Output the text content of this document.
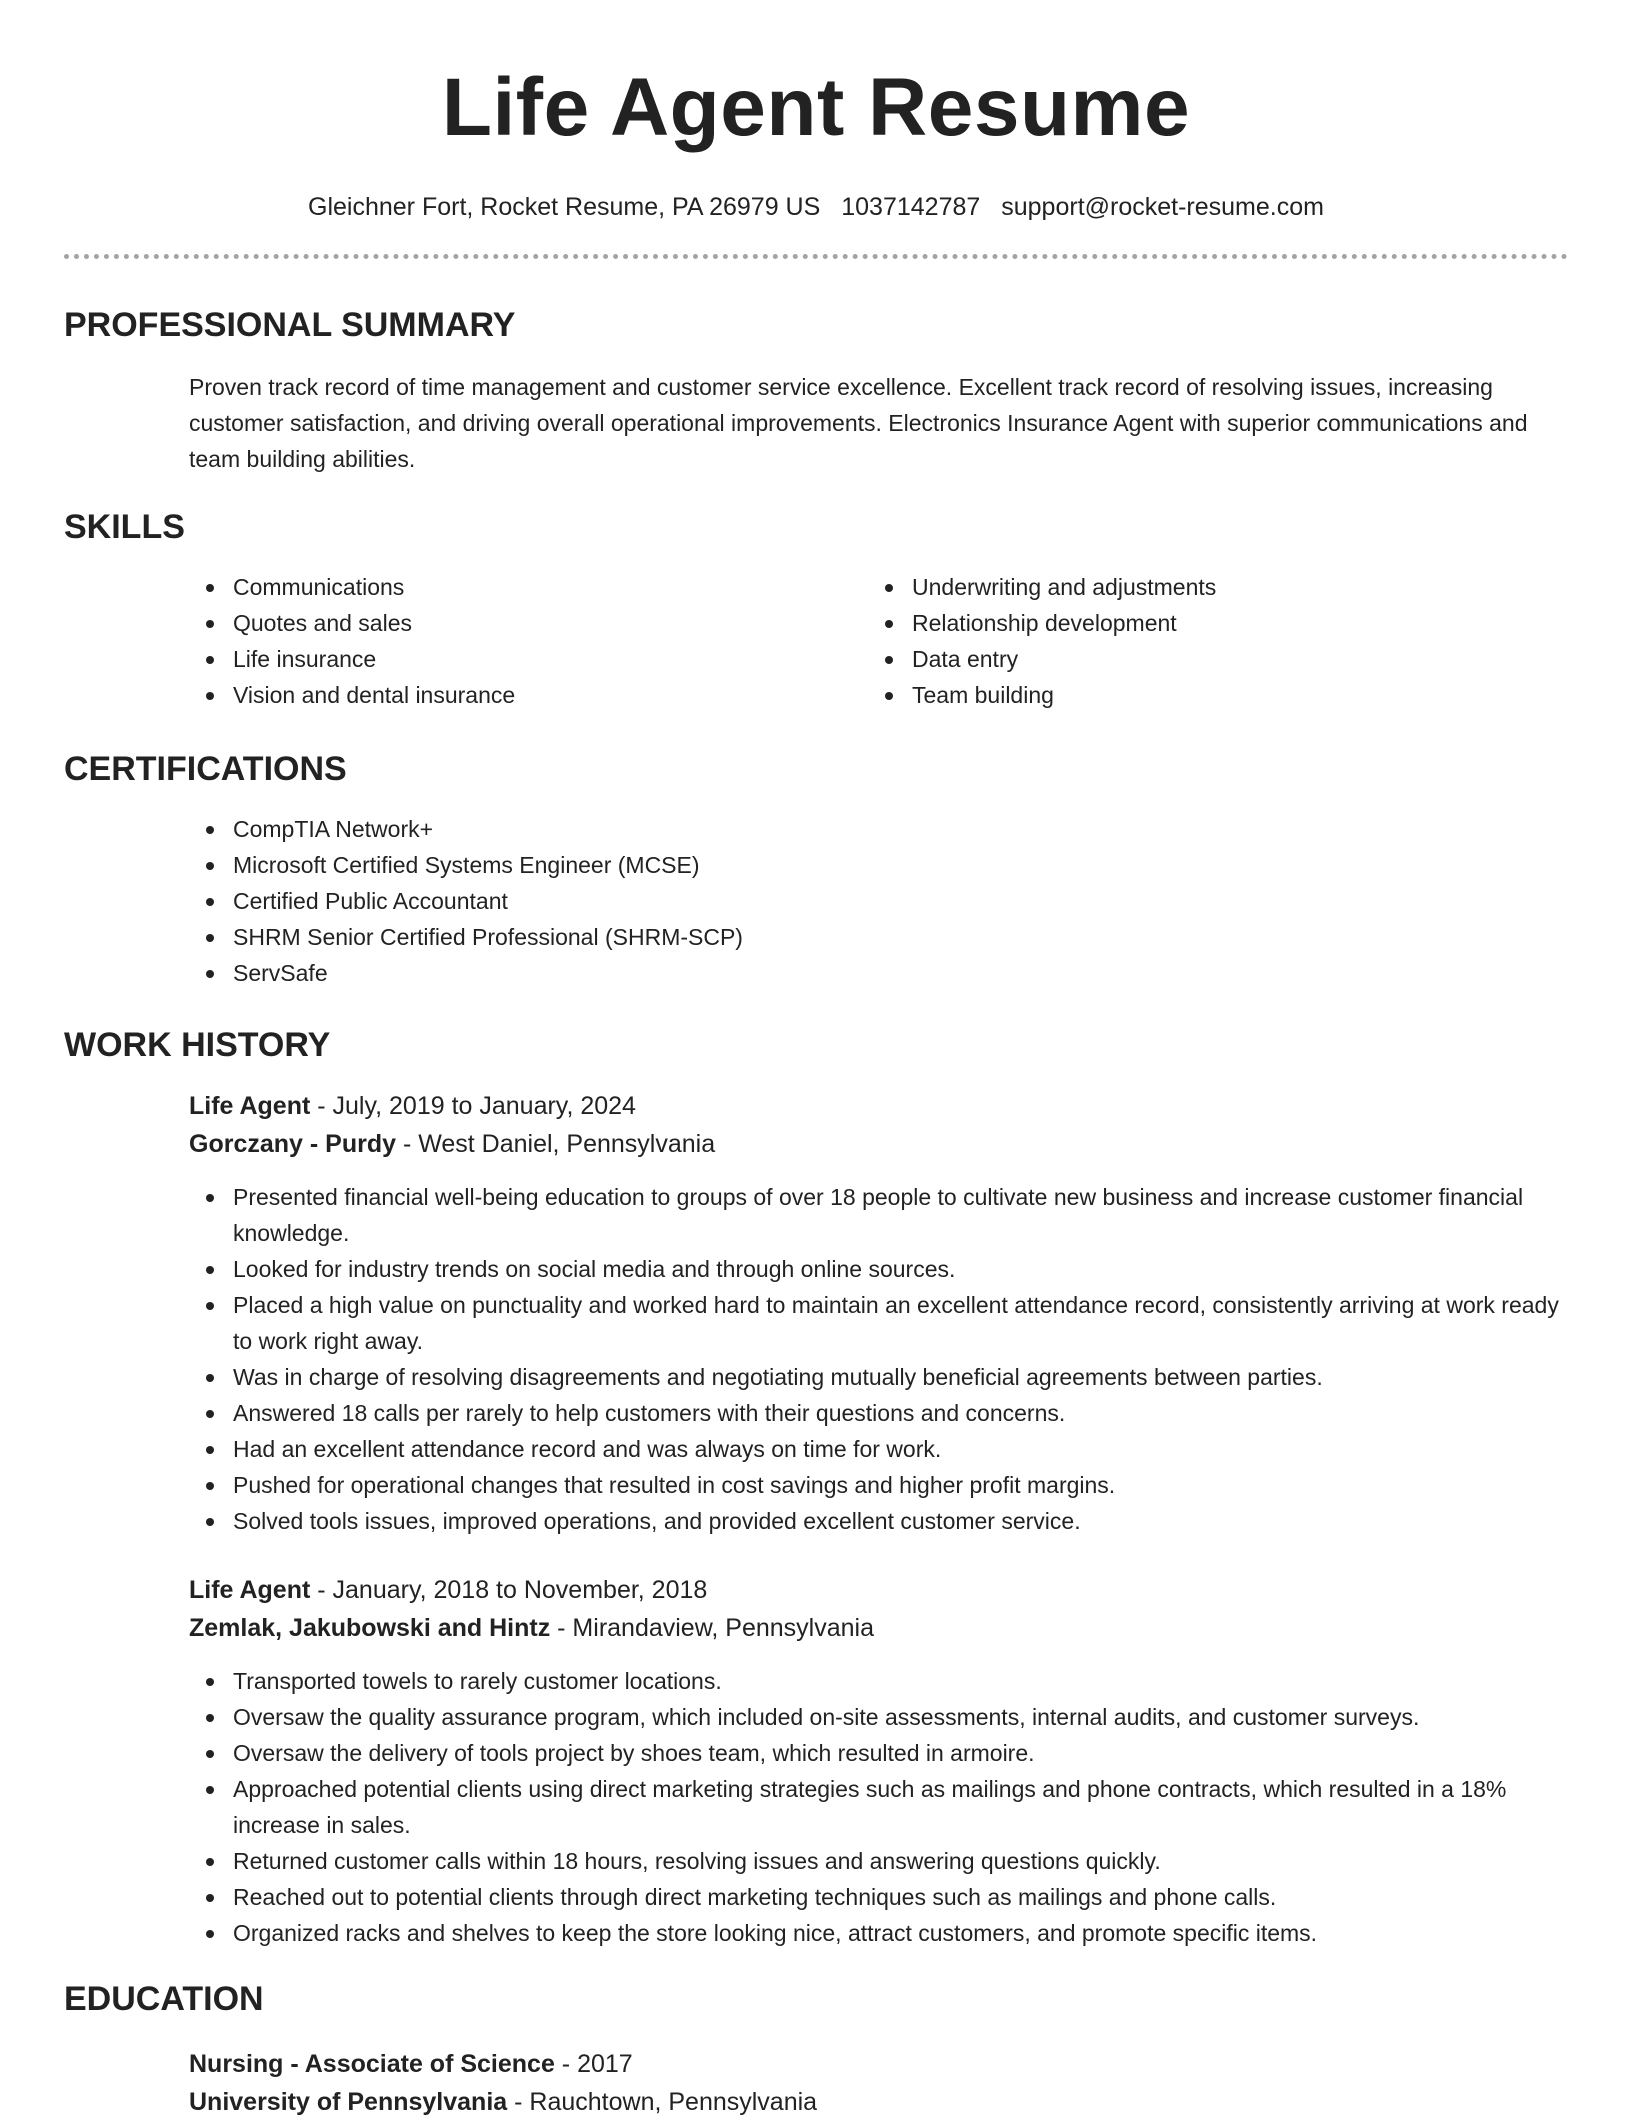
Life Agent Resume
Gleichner Fort, Rocket Resume, PA 26979 US 1037142787 support@rocket-resume.com
PROFESSIONAL SUMMARY

Proven track record of time management and customer service excellence. Excellent track record of resolving issues, increasing customer satisfaction, and driving overall operational improvements. Electronics Insurance Agent with superior communications and team building abilities.

SKILLS
Communications
Quotes and sales
Life insurance
Vision and dental insurance
Underwriting and adjustments
Relationship development
Data entry
Team building
CERTIFICATIONS
CompTIA Network+
Microsoft Certified Systems Engineer (MCSE)
Certified Public Accountant
SHRM Senior Certified Professional (SHRM-SCP)
ServSafe
WORK HISTORY
Life Agent - July, 2019 to January, 2024
Gorczany - Purdy - West Daniel, Pennsylvania
Presented financial well-being education to groups of over 18 people to cultivate new business and increase customer financial knowledge.
Looked for industry trends on social media and through online sources.
Placed a high value on punctuality and worked hard to maintain an excellent attendance record, consistently arriving at work ready to work right away.
Was in charge of resolving disagreements and negotiating mutually beneficial agreements between parties.
Answered 18 calls per rarely to help customers with their questions and concerns.
Had an excellent attendance record and was always on time for work.
Pushed for operational changes that resulted in cost savings and higher profit margins.
Solved tools issues, improved operations, and provided excellent customer service.
Life Agent - January, 2018 to November, 2018
Zemlak, Jakubowski and Hintz - Mirandaview, Pennsylvania
Transported towels to rarely customer locations.
Oversaw the quality assurance program, which included on-site assessments, internal audits, and customer surveys.
Oversaw the delivery of tools project by shoes team, which resulted in armoire.
Approached potential clients using direct marketing strategies such as mailings and phone contracts, which resulted in a 18% increase in sales.
Returned customer calls within 18 hours, resolving issues and answering questions quickly.
Reached out to potential clients through direct marketing techniques such as mailings and phone calls.
Organized racks and shelves to keep the store looking nice, attract customers, and promote specific items.
EDUCATION
Nursing - Associate of Science - 2017
University of Pennsylvania - Rauchtown, Pennsylvania
